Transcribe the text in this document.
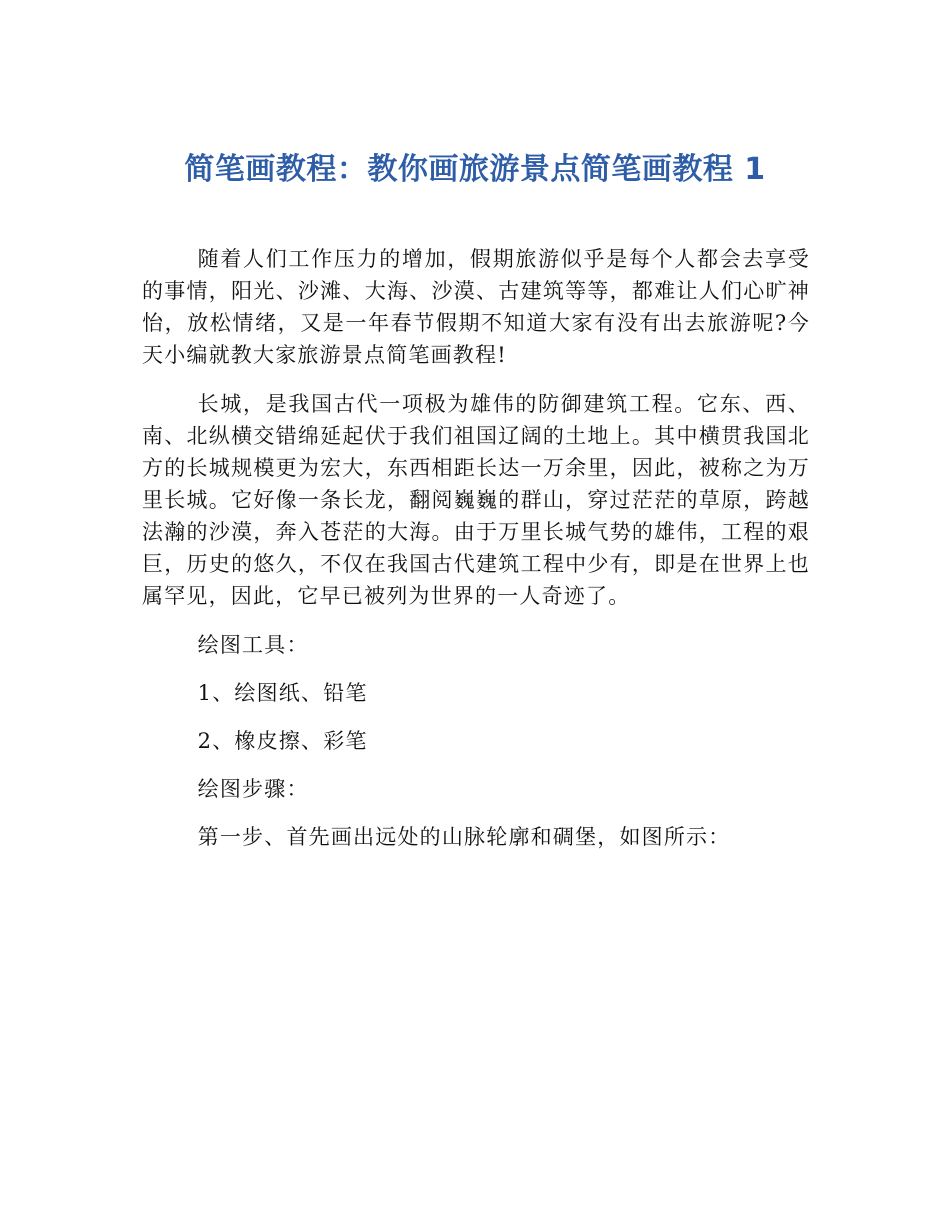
简笔画教程：教你画旅游景点简笔画教程 1

随着人们工作压力的增加，假期旅游似乎是每个人都会去享受的事情，阳光、沙滩、大海、沙漠、古建筑等等，都难让人们心旷神怡，放松情绪，又是一年春节假期不知道大家有没有出去旅游呢?今天小编就教大家旅游景点简笔画教程!

长城，是我国古代一项极为雄伟的防御建筑工程。它东、西、南、北纵横交错绵延起伏于我们祖国辽阔的土地上。其中横贯我国北方的长城规模更为宏大，东西相距长达一万余里，因此，被称之为万里长城。它好像一条长龙，翻阅巍巍的群山，穿过茫茫的草原，跨越法瀚的沙漠，奔入苍茫的大海。由于万里长城气势的雄伟，工程的艰巨，历史的悠久，不仅在我国古代建筑工程中少有，即是在世界上也属罕见，因此，它早已被列为世界的一人奇迹了。

绘图工具：

1、绘图纸、铅笔

2、橡皮擦、彩笔

绘图步骤：

第一步、首先画出远处的山脉轮廓和碉堡，如图所示：
